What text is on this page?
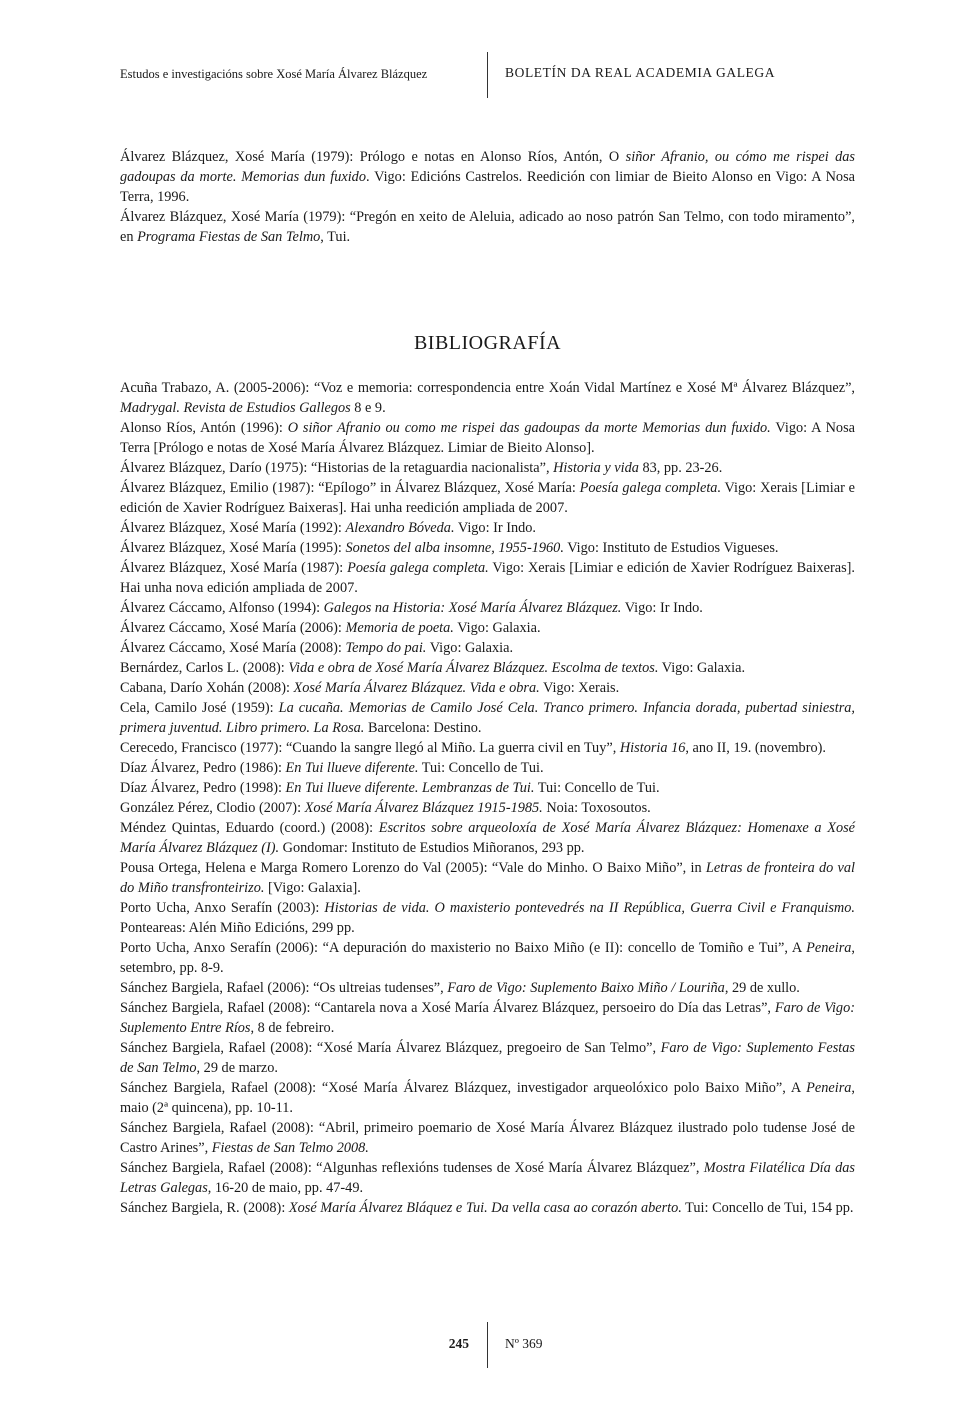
Estudos e investigacións sobre Xosé María Álvarez Blázquez	BOLETÍN DA REAL ACADEMIA GALEGA

Álvarez Blázquez, Xosé María (1979): Prólogo e notas en Alonso Ríos, Antón, O siñor Afranio, ou cómo me rispei das gadoupas da morte. Memorias dun fuxido. Vigo: Edicións Castrelos. Reedición con limiar de Bieito Alonso en Vigo: A Nosa Terra, 1996.

Álvarez Blázquez, Xosé María (1979): “Pregón en xeito de Aleluia, adicado ao noso patrón San Telmo, con todo miramento”, en Programa Fiestas de San Telmo, Tui.

BIBLIOGRAFÍA

Acuña Trabazo, A. (2005-2006): “Voz e memoria: correspondencia entre Xoán Vidal Martínez e Xosé Mª Álvarez Blázquez”, Madrygal. Revista de Estudios Gallegos 8 e 9.

Alonso Ríos, Antón (1996): O siñor Afranio ou como me rispei das gadoupas da morte Memorias dun fuxido. Vigo: A Nosa Terra [Prólogo e notas de Xosé María Álvarez Blázquez. Limiar de Bieito Alonso].

Álvarez Blázquez, Darío (1975): “Historias de la retaguardia nacionalista”, Historia y vida 83, pp. 23-26.

Álvarez Blázquez, Emilio (1987): “Epílogo” in Álvarez Blázquez, Xosé María: Poesía galega completa. Vigo: Xerais [Limiar e edición de Xavier Rodríguez Baixeras]. Hai unha reedición ampliada de 2007.

Álvarez Blázquez, Xosé María (1992): Alexandro Bóveda. Vigo: Ir Indo.

Álvarez Blázquez, Xosé María (1995): Sonetos del alba insomne, 1955-1960. Vigo: Instituto de Estudios Vigueses.

Álvarez Blázquez, Xosé María (1987): Poesía galega completa. Vigo: Xerais [Limiar e edición de Xavier Rodríguez Baixeras]. Hai unha nova edición ampliada de 2007.

Álvarez Cáccamo, Alfonso (1994): Galegos na Historia: Xosé María Álvarez Blázquez. Vigo: Ir Indo.

Álvarez Cáccamo, Xosé María (2006): Memoria de poeta. Vigo: Galaxia.

Álvarez Cáccamo, Xosé María (2008): Tempo do pai. Vigo: Galaxia.

Bernárdez, Carlos L. (2008): Vida e obra de Xosé María Álvarez Blázquez. Escolma de textos. Vigo: Galaxia.

Cabana, Darío Xohán (2008): Xosé María Álvarez Blázquez. Vida e obra. Vigo: Xerais.

Cela, Camilo José (1959): La cucaña. Memorias de Camilo José Cela. Tranco primero. Infancia dorada, pubertad siniestra, primera juventud. Libro primero. La Rosa. Barcelona: Destino.

Cerecedo, Francisco (1977): “Cuando la sangre llegó al Miño. La guerra civil en Tuy”, Historia 16, ano II, 19. (novembro).

Díaz Álvarez, Pedro (1986): En Tui llueve diferente. Tui: Concello de Tui.

Díaz Álvarez, Pedro (1998): En Tui llueve diferente. Lembranzas de Tui. Tui: Concello de Tui.

González Pérez, Clodio (2007): Xosé María Álvarez Blázquez 1915-1985. Noia: Toxosoutos.

Méndez Quintas, Eduardo (coord.) (2008): Escritos sobre arqueoloxía de Xosé María Álvarez Blázquez: Homenaxe a Xosé María Álvarez Blázquez (I). Gondomar: Instituto de Estudios Miñoranos, 293 pp.

Pousa Ortega, Helena e Marga Romero Lorenzo do Val (2005): “Vale do Minho. O Baixo Miño”, in Letras de fronteira do val do Miño transfronteirizo. [Vigo: Galaxia].

Porto Ucha, Anxo Serafín (2003): Historias de vida. O maxisterio pontevedrés na II República, Guerra Civil e Franquismo. Ponteareas: Alén Miño Edicións, 299 pp.

Porto Ucha, Anxo Serafín (2006): “A depuración do maxisterio no Baixo Miño (e II): concello de Tomiño e Tui”, A Peneira, setembro, pp. 8-9.

Sánchez Bargiela, Rafael (2006): “Os ultreias tudenses”, Faro de Vigo: Suplemento Baixo Miño / Louriña, 29 de xullo.

Sánchez Bargiela, Rafael (2008): “Cantarela nova a Xosé María Álvarez Blázquez, persoeiro do Día das Letras”, Faro de Vigo: Suplemento Entre Ríos, 8 de febreiro.

Sánchez Bargiela, Rafael (2008): “Xosé María Álvarez Blázquez, pregoeiro de San Telmo”, Faro de Vigo: Suplemento Festas de San Telmo, 29 de marzo.

Sánchez Bargiela, Rafael (2008): “Xosé María Álvarez Blázquez, investigador arqueolóxico polo Baixo Miño”, A Peneira, maio (2ª quincena), pp. 10-11.

Sánchez Bargiela, Rafael (2008): “Abril, primeiro poemario de Xosé María Álvarez Blázquez ilustrado polo tudense José de Castro Arines”, Fiestas de San Telmo 2008.

Sánchez Bargiela, Rafael (2008): “Algunhas reflexións tudenses de Xosé María Álvarez Blázquez”, Mostra Filatélica Día das Letras Galegas, 16-20 de maio, pp. 47-49.

Sánchez Bargiela, R. (2008): Xosé María Álvarez Bláquez e Tui. Da vella casa ao corazón aberto. Tui: Concello de Tui, 154 pp.

245	Nº 369
